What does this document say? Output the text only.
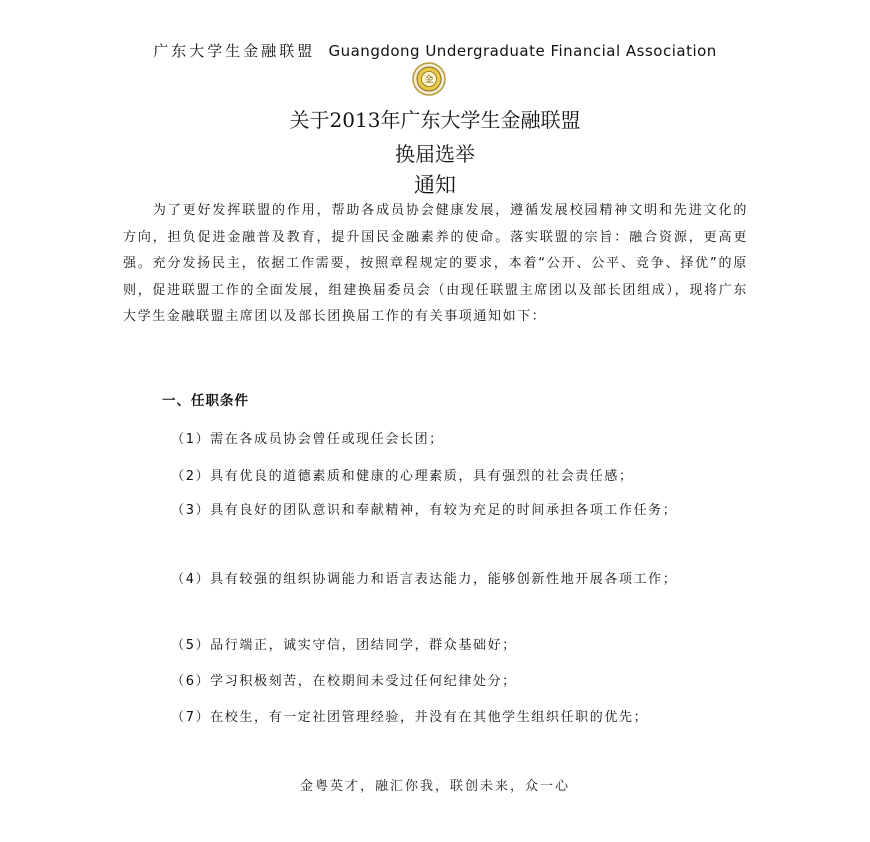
广东大学生金融联盟 Guangdong Undergraduate Financial Association
金
关于2013年广东大学生金融联盟
换届选举
通知
为了更好发挥联盟的作用，帮助各成员协会健康发展，遵循发展校园精神文明和先进文化的方向，担负促进金融普及教育，提升国民金融素养的使命。落实联盟的宗旨：融合资源，更高更强。充分发扬民主，依据工作需要，按照章程规定的要求，本着“公开、公平、竞争、择优”的原则，促进联盟工作的全面发展，组建换届委员会（由现任联盟主席团以及部长团组成），现将广东大学生金融联盟主席团以及部长团换届工作的有关事项通知如下：
一、任职条件
（1）需在各成员协会曾任或现任会长团；
（2）具有优良的道德素质和健康的心理素质，具有强烈的社会责任感；
（3）具有良好的团队意识和奉献精神，有较为充足的时间承担各项工作任务；
（4）具有较强的组织协调能力和语言表达能力，能够创新性地开展各项工作；
（5）品行端正，诚实守信，团结同学，群众基础好；
（6）学习积极刻苦，在校期间未受过任何纪律处分；
（7）在校生，有一定社团管理经验，并没有在其他学生组织任职的优先；
金粤英才，融汇你我，联创未来，众一心
